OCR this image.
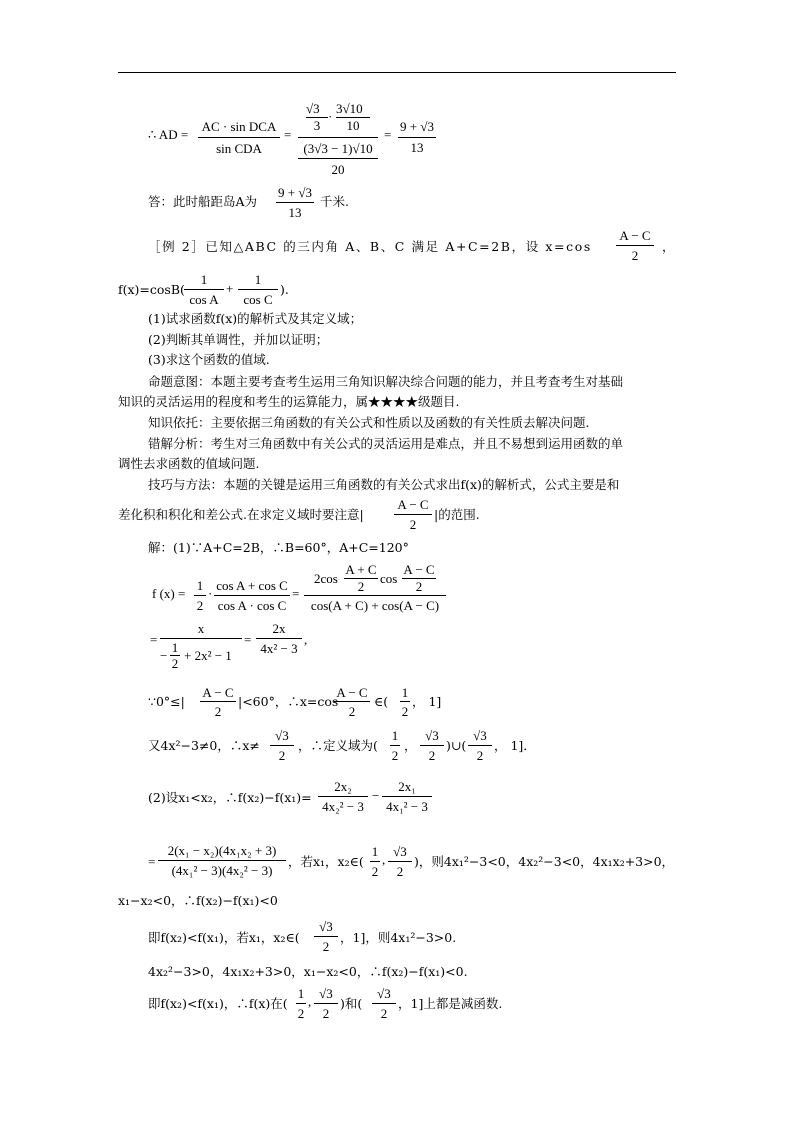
∴ AD =
AC · sin DCA
sin CDA
=
√3
·
3√10
3	10
(3√3 − 1)√10
20
=
9 + √3
13
答：此时船距岛A为
9 + √3
13
千米.
［例 2］已知△ABC 的三内角 A、B、C 满足 A+C=2B，设 x=cos
A − C
2
，
f(x)=cosB(
1
cos A
+
1
cos C
).
(1)试求函数f(x)的解析式及其定义域；
(2)判断其单调性，并加以证明；
(3)求这个函数的值域.
命题意图：本题主要考查考生运用三角知识解决综合问题的能力，并且考查考生对基础
知识的灵活运用的程度和考生的运算能力，属★★★★级题目.
知识依托：主要依据三角函数的有关公式和性质以及函数的有关性质去解决问题.
错解分析：考生对三角函数中有关公式的灵活运用是难点，并且不易想到运用函数的单
调性去求函数的值域问题.
技巧与方法：本题的关键是运用三角函数的有关公式求出f(x)的解析式，公式主要是和
差化积和积化和差公式.在求定义域时要注意|
A − C
2
|的范围.
解：(1)∵A+C=2B，∴B=60°，A+C=120°
f (x) =
1
2
·
cos A + cos C
cos A · cos C
=
2cos
A + C
2
cos
A − C
2
cos(A + C) + cos(A − C)
=
x
−
1
2
+ 2x² − 1
=
2x
4x² − 3
,
∵0°≤|
A − C
2
|<60°，∴x=cos
A − C
2
∈(
1
2
， 1]
又4x²−3≠0，∴x≠
√3
2
，∴定义域为(
1
2
，
√3
2
)∪(
√3
2
， 1]．
(2)设x₁<x₂，∴f(x₂)−f(x₁)=
2x₂
4x₂² − 3
−
2x₁
4x₁² − 3
=
2(x₁ − x₂)(4x₁x₂ + 3)
(4x₁² − 3)(4x₂² − 3)
，若x₁，x₂∈(
1
2
,
√3
2
)，则4x₁²−3<0，4x₂²−3<0，4x₁x₂+3>0，
x₁−x₂<0，∴f(x₂)−f(x₁)<0
即f(x₂)<f(x₁)，若x₁，x₂∈(
√3
2
，1]，则4x₁²−3>0.
4x₂²−3>0，4x₁x₂+3>0，x₁−x₂<0，∴f(x₂)−f(x₁)<0.
即f(x₂)<f(x₁)，∴f(x)在(
1
2
,
√3
2
)和(
√3
2
，1]上都是减函数.
